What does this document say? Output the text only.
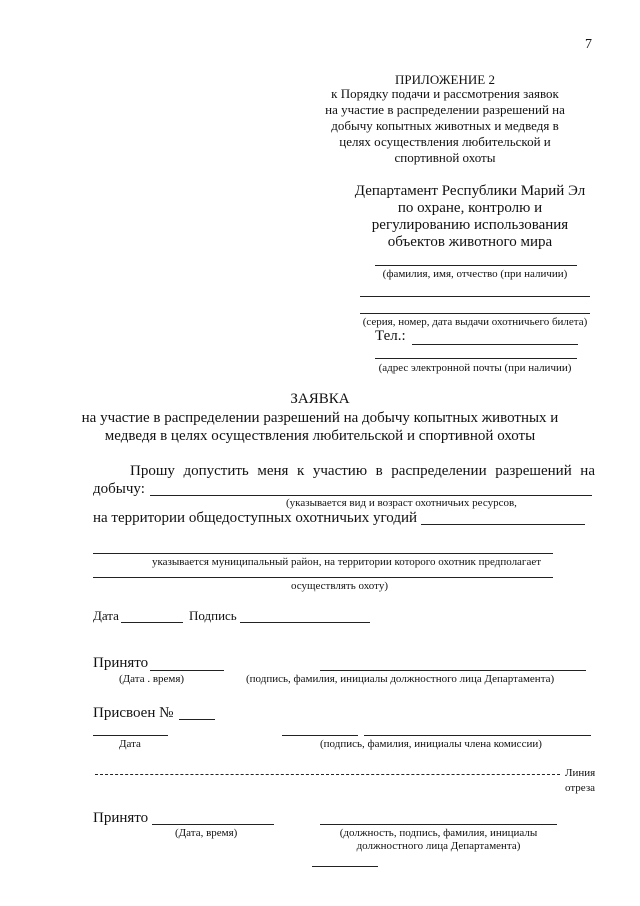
7
ПРИЛОЖЕНИЕ 2
к Порядку подачи и рассмотрения заявок
на участие в распределении разрешений на
добычу копытных животных и медведя в
целях осуществления любительской и
спортивной охоты
Департамент Республики Марий Эл
по охране, контролю и
регулированию использования
объектов животного мира
(фамилия, имя, отчество (при наличии)
(серия, номер, дата выдачи охотничьего билета)
Тел.:
(адрес электронной почты (при наличии)
ЗАЯВКА
на участие в распределении разрешений на добычу копытных животных и
медведя в целях осуществления любительской и спортивной охоты
Прошу допустить меня к участию в распределении разрешений на
добычу:
(указывается вид и возраст охотничьих ресурсов,
на территории общедоступных охотничьих угодий
указывается муниципальный район, на территории которого охотник предполагает
осуществлять охоту)
Дата	Подпись
Принято
(Дата . время)	(подпись, фамилия, инициалы должностного лица Департамента)
Присвоен №
Дата	(подпись, фамилия, инициалы члена комиссии)
Линия
отреза
Принято
(Дата, время)	(должность, подпись, фамилия, инициалы
должностного лица Департамента)
